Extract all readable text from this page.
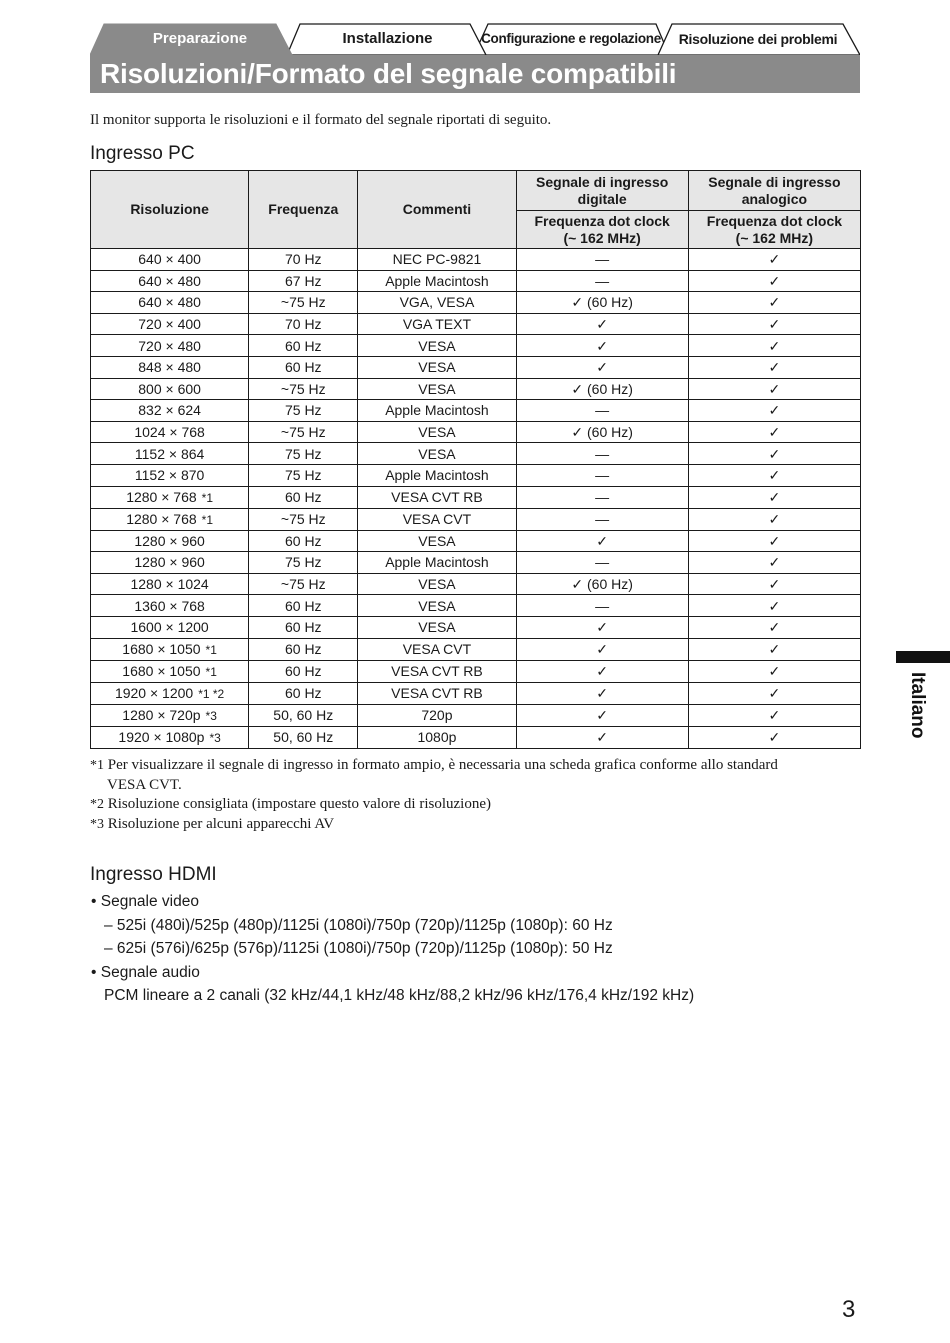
Preparazione	Installazione	Configurazione e regolazione	Risoluzione dei problemi
Risoluzioni/Formato del segnale compatibili
Il monitor supporta le risoluzioni e il formato del segnale riportati di seguito.
Ingresso PC
Risoluzione	Frequenza	Commenti	Segnale di ingresso digitale	Segnale di ingresso analogico
			Frequenza dot clock (~ 162 MHz)	Frequenza dot clock (~ 162 MHz)
640 × 400	70 Hz	NEC PC-9821	—	✓
640 × 480	67 Hz	Apple Macintosh	—	✓
640 × 480	~75 Hz	VGA, VESA	✓ (60 Hz)	✓
720 × 400	70 Hz	VGA TEXT	✓	✓
720 × 480	60 Hz	VESA	✓	✓
848 × 480	60 Hz	VESA	✓	✓
800 × 600	~75 Hz	VESA	✓ (60 Hz)	✓
832 × 624	75 Hz	Apple Macintosh	—	✓
1024 × 768	~75 Hz	VESA	✓ (60 Hz)	✓
1152 × 864	75 Hz	VESA	—	✓
1152 × 870	75 Hz	Apple Macintosh	—	✓
1280 × 768 *1	60 Hz	VESA CVT RB	—	✓
1280 × 768 *1	~75 Hz	VESA CVT	—	✓
1280 × 960	60 Hz	VESA	✓	✓
1280 × 960	75 Hz	Apple Macintosh	—	✓
1280 × 1024	~75 Hz	VESA	✓ (60 Hz)	✓
1360 × 768	60 Hz	VESA	—	✓
1600 × 1200	60 Hz	VESA	✓	✓
1680 × 1050 *1	60 Hz	VESA CVT	✓	✓
1680 × 1050 *1	60 Hz	VESA CVT RB	✓	✓
1920 × 1200 *1 *2	60 Hz	VESA CVT RB	✓	✓
1280 × 720p *3	50, 60 Hz	720p	✓	✓
1920 × 1080p *3	50, 60 Hz	1080p	✓	✓

*1 Per visualizzare il segnale di ingresso in formato ampio, è necessaria una scheda grafica conforme allo standard

VESA CVT.

*2 Risoluzione consigliata (impostare questo valore di risoluzione)

*3 Risoluzione per alcuni apparecchi AV

Ingresso HDMI
• Segnale video
– 525i (480i)/525p (480p)/1125i (1080i)/750p (720p)/1125p (1080p): 60 Hz
– 625i (576i)/625p (576p)/1125i (1080i)/750p (720p)/1125p (1080p): 50 Hz
• Segnale audio
PCM lineare a 2 canali (32 kHz/44,1 kHz/48 kHz/88,2 kHz/96 kHz/176,4 kHz/192 kHz)
Italiano
3
